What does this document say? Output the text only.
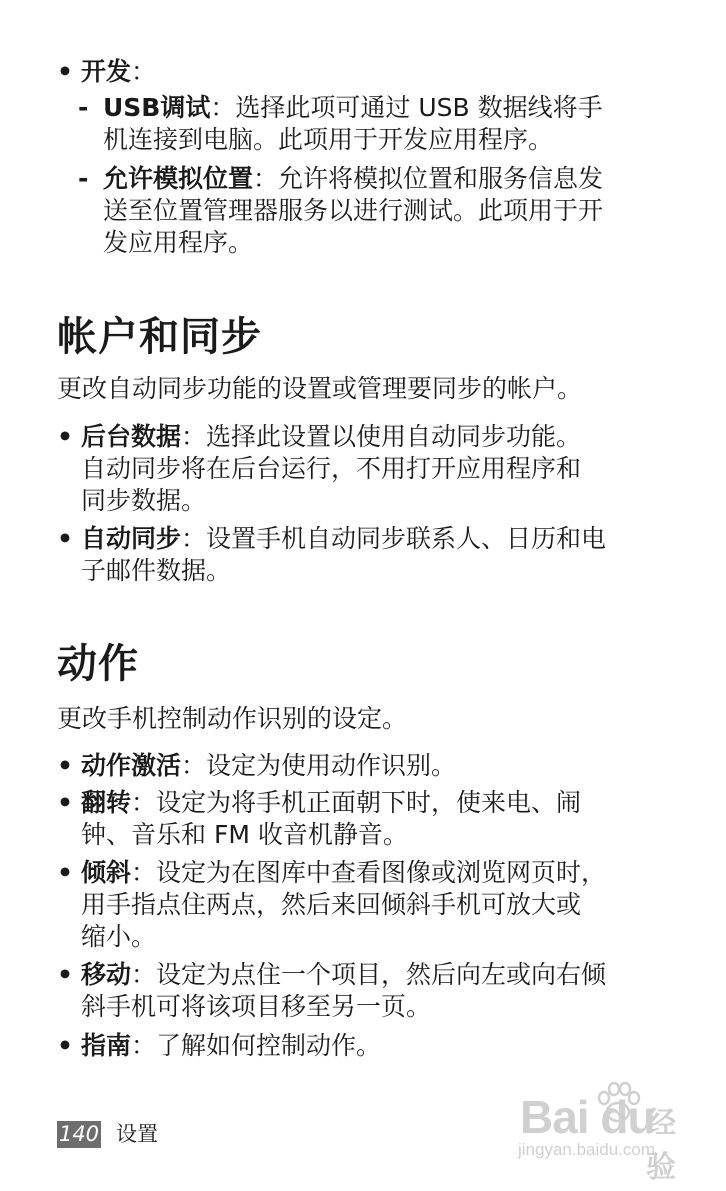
• 开发：
- USB调试：选择此项可通过 USB 数据线将手
机连接到电脑。此项用于开发应用程序。
- 允许模拟位置：允许将模拟位置和服务信息发
送至位置管理器服务以进行测试。此项用于开
发应用程序。
帐户和同步
更改自动同步功能的设置或管理要同步的帐户。
• 后台数据：选择此设置以使用自动同步功能。
自动同步将在后台运行，不用打开应用程序和
同步数据。
• 自动同步：设置手机自动同步联系人、日历和电
子邮件数据。
动作
更改手机控制动作识别的设定。
• 动作激活：设定为使用动作识别。
• 翻转：设定为将手机正面朝下时，使来电、闹
钟、音乐和 FM 收音机静音。
• 倾斜：设定为在图库中查看图像或浏览网页时，
用手指点住两点，然后来回倾斜手机可放大或
缩小。
• 移动：设定为点住一个项目，然后向左或向右倾
斜手机可将该项目移至另一页。
• 指南：了解如何控制动作。
140 设置	Bai du
经验
jingyan.baidu.com
